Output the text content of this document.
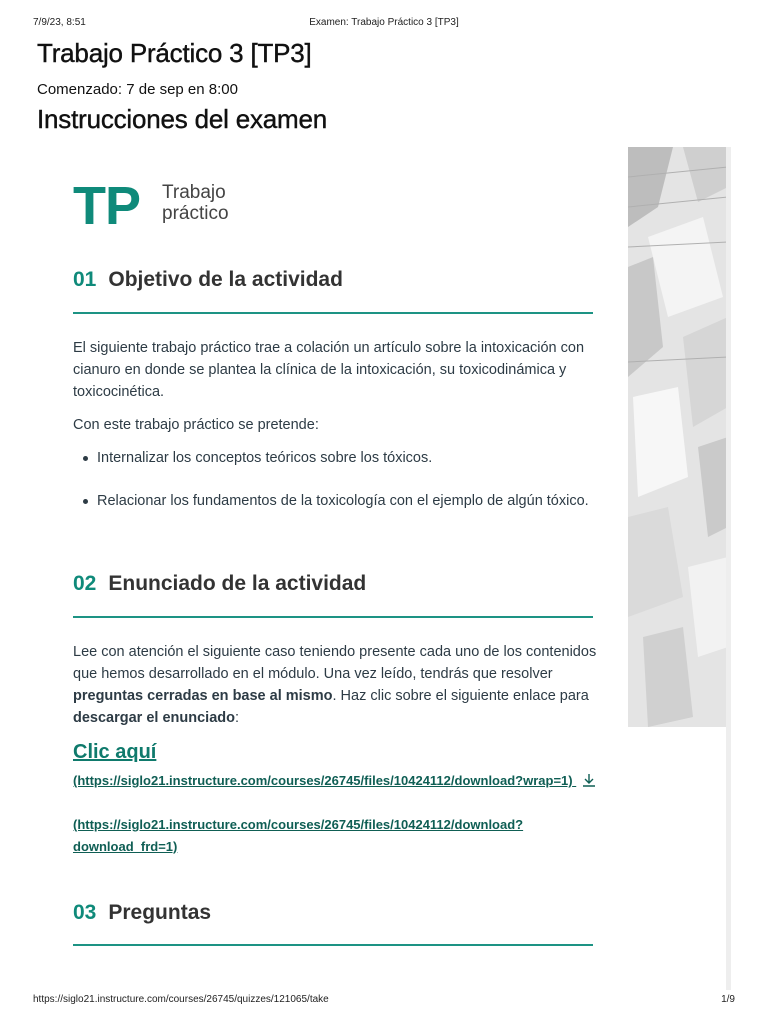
7/9/23, 8:51	Examen: Trabajo Práctico 3 [TP3]
Trabajo Práctico 3 [TP3]
Comenzado: 7 de sep en 8:00
Instrucciones del examen
TP Trabajo
práctico
01 Objetivo de la actividad
El siguiente trabajo práctico trae a colación un artículo sobre la intoxicación con cianuro en donde se plantea la clínica de la intoxicación, su toxicodinámica y toxicocinética.
Con este trabajo práctico se pretende:
Internalizar los conceptos teóricos sobre los tóxicos.
Relacionar los fundamentos de la toxicología con el ejemplo de algún tóxico.
02 Enunciado de la actividad
Lee con atención el siguiente caso teniendo presente cada uno de los contenidos que hemos desarrollado en el módulo. Una vez leído, tendrás que resolver preguntas cerradas en base al mismo. Haz clic sobre el siguiente enlace para descargar el enunciado:
Clic aquí
(https://siglo21.instructure.com/courses/26745/files/10424112/download?wrap=1)
(https://siglo21.instructure.com/courses/26745/files/10424112/download?download_frd=1)
03 Preguntas
https://siglo21.instructure.com/courses/26745/quizzes/121065/take	1/9
